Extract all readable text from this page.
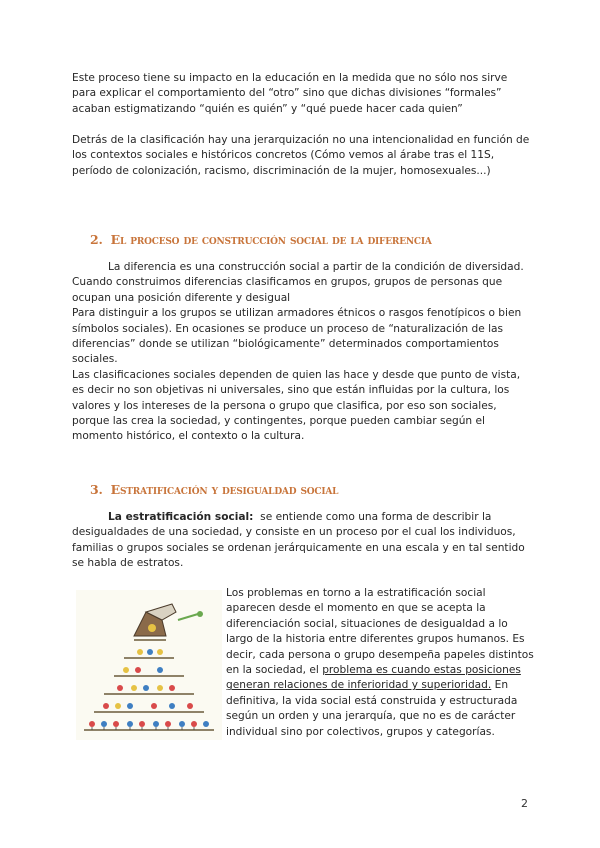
Este proceso tiene su impacto en la educación en la medida que no sólo nos sirve para explicar el comportamiento del “otro” sino que dichas divisiones “formales” acaban estigmatizando “quién es quién” y “qué puede hacer cada quien”

Detrás de la clasificación hay una jerarquización no una intencionalidad en función de los contextos sociales e históricos concretos (Cómo vemos al árabe tras el 11S, período de colonización, racismo, discriminación de la mujer, homosexuales...)

2. El proceso de construcción social de la diferencia
La diferencia es una construcción social a partir de la condición de diversidad. Cuando construimos diferencias clasificamos en grupos, grupos de personas que ocupan una posición diferente y desigual
Para distinguir a los grupos se utilizan armadores étnicos o rasgos fenotípicos o bien símbolos sociales). En ocasiones se produce un proceso de “naturalización de las diferencias” donde se utilizan “biológicamente” determinados comportamientos sociales.
Las clasificaciones sociales dependen de quien las hace y desde que punto de vista, es decir no son objetivas ni universales, sino que están influidas por la cultura, los valores y los intereses de la persona o grupo que clasifica, por eso son sociales, porque las crea la sociedad, y contingentes, porque pueden cambiar según el momento histórico, el contexto o la cultura.
3. Estratificación y desigualdad social

La estratificación social: se entiende como una forma de describir la desigualdades de una sociedad, y consiste en un proceso por el cual los individuos, familias o grupos sociales se ordenan jerárquicamente en una escala y en tal sentido se habla de estratos.

Los problemas en torno a la estratificación social aparecen desde el momento en que se acepta la diferenciación social, situaciones de desigualdad a lo largo de la historia entre diferentes grupos humanos. Es decir, cada persona o grupo desempeña papeles distintos en la sociedad, el problema es cuando estas posiciones generan relaciones de inferioridad y superioridad. En definitiva, la vida social está construida y estructurada según un orden y una jerarquía, que no es de carácter individual sino por colectivos, grupos y categorías.

2
